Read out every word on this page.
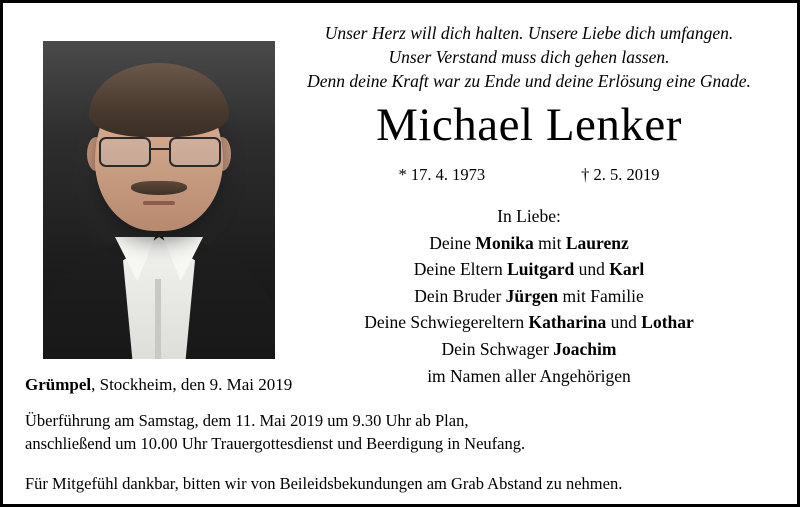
Unser Herz will dich halten. Unsere Liebe dich umfangen.
Unser Verstand muss dich gehen lassen.
Denn deine Kraft war zu Ende und deine Erlösung eine Gnade.
Michael Lenker
* 17. 4. 1973	† 2. 5. 2019
In Liebe:
Deine Monika mit Laurenz
Deine Eltern Luitgard und Karl
Dein Bruder Jürgen mit Familie
Deine Schwiegereltern Katharina und Lothar
Dein Schwager Joachim
im Namen aller Angehörigen
Grümpel, Stockheim, den 9. Mai 2019
Überführung am Samstag, dem 11. Mai 2019 um 9.30 Uhr ab Plan,
anschließend um 10.00 Uhr Trauergottesdienst und Beerdigung in Neufang.
Für Mitgefühl dankbar, bitten wir von Beileidsbekundungen am Grab Abstand zu nehmen.
